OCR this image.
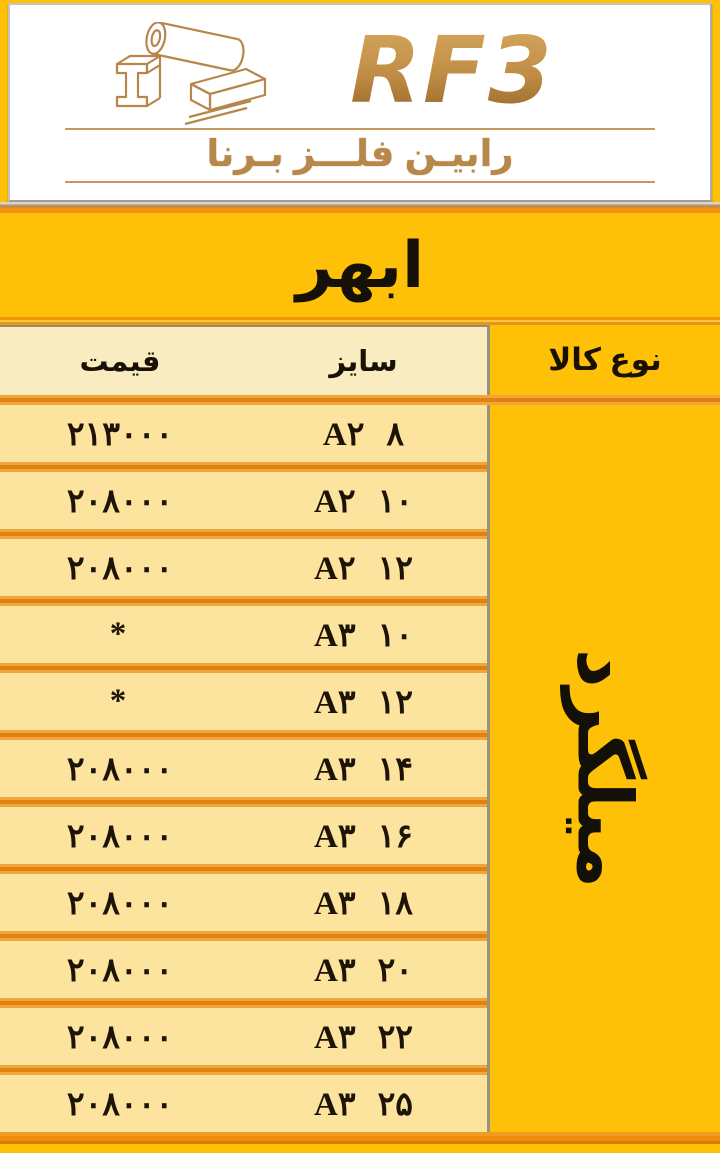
RF3
رابیـن فلـــز بـرنا
ابهر
نوع کالا
سایز
قیمت
میلگرد
A۲ ۸
۲۱۳۰۰۰
A۲ ۱۰
۲۰۸۰۰۰
A۲ ۱۲
۲۰۸۰۰۰
A۳ ۱۰
*
A۳ ۱۲
*
A۳ ۱۴
۲۰۸۰۰۰
A۳ ۱۶
۲۰۸۰۰۰
A۳ ۱۸
۲۰۸۰۰۰
A۳ ۲۰
۲۰۸۰۰۰
A۳ ۲۲
۲۰۸۰۰۰
A۳ ۲۵
۲۰۸۰۰۰
